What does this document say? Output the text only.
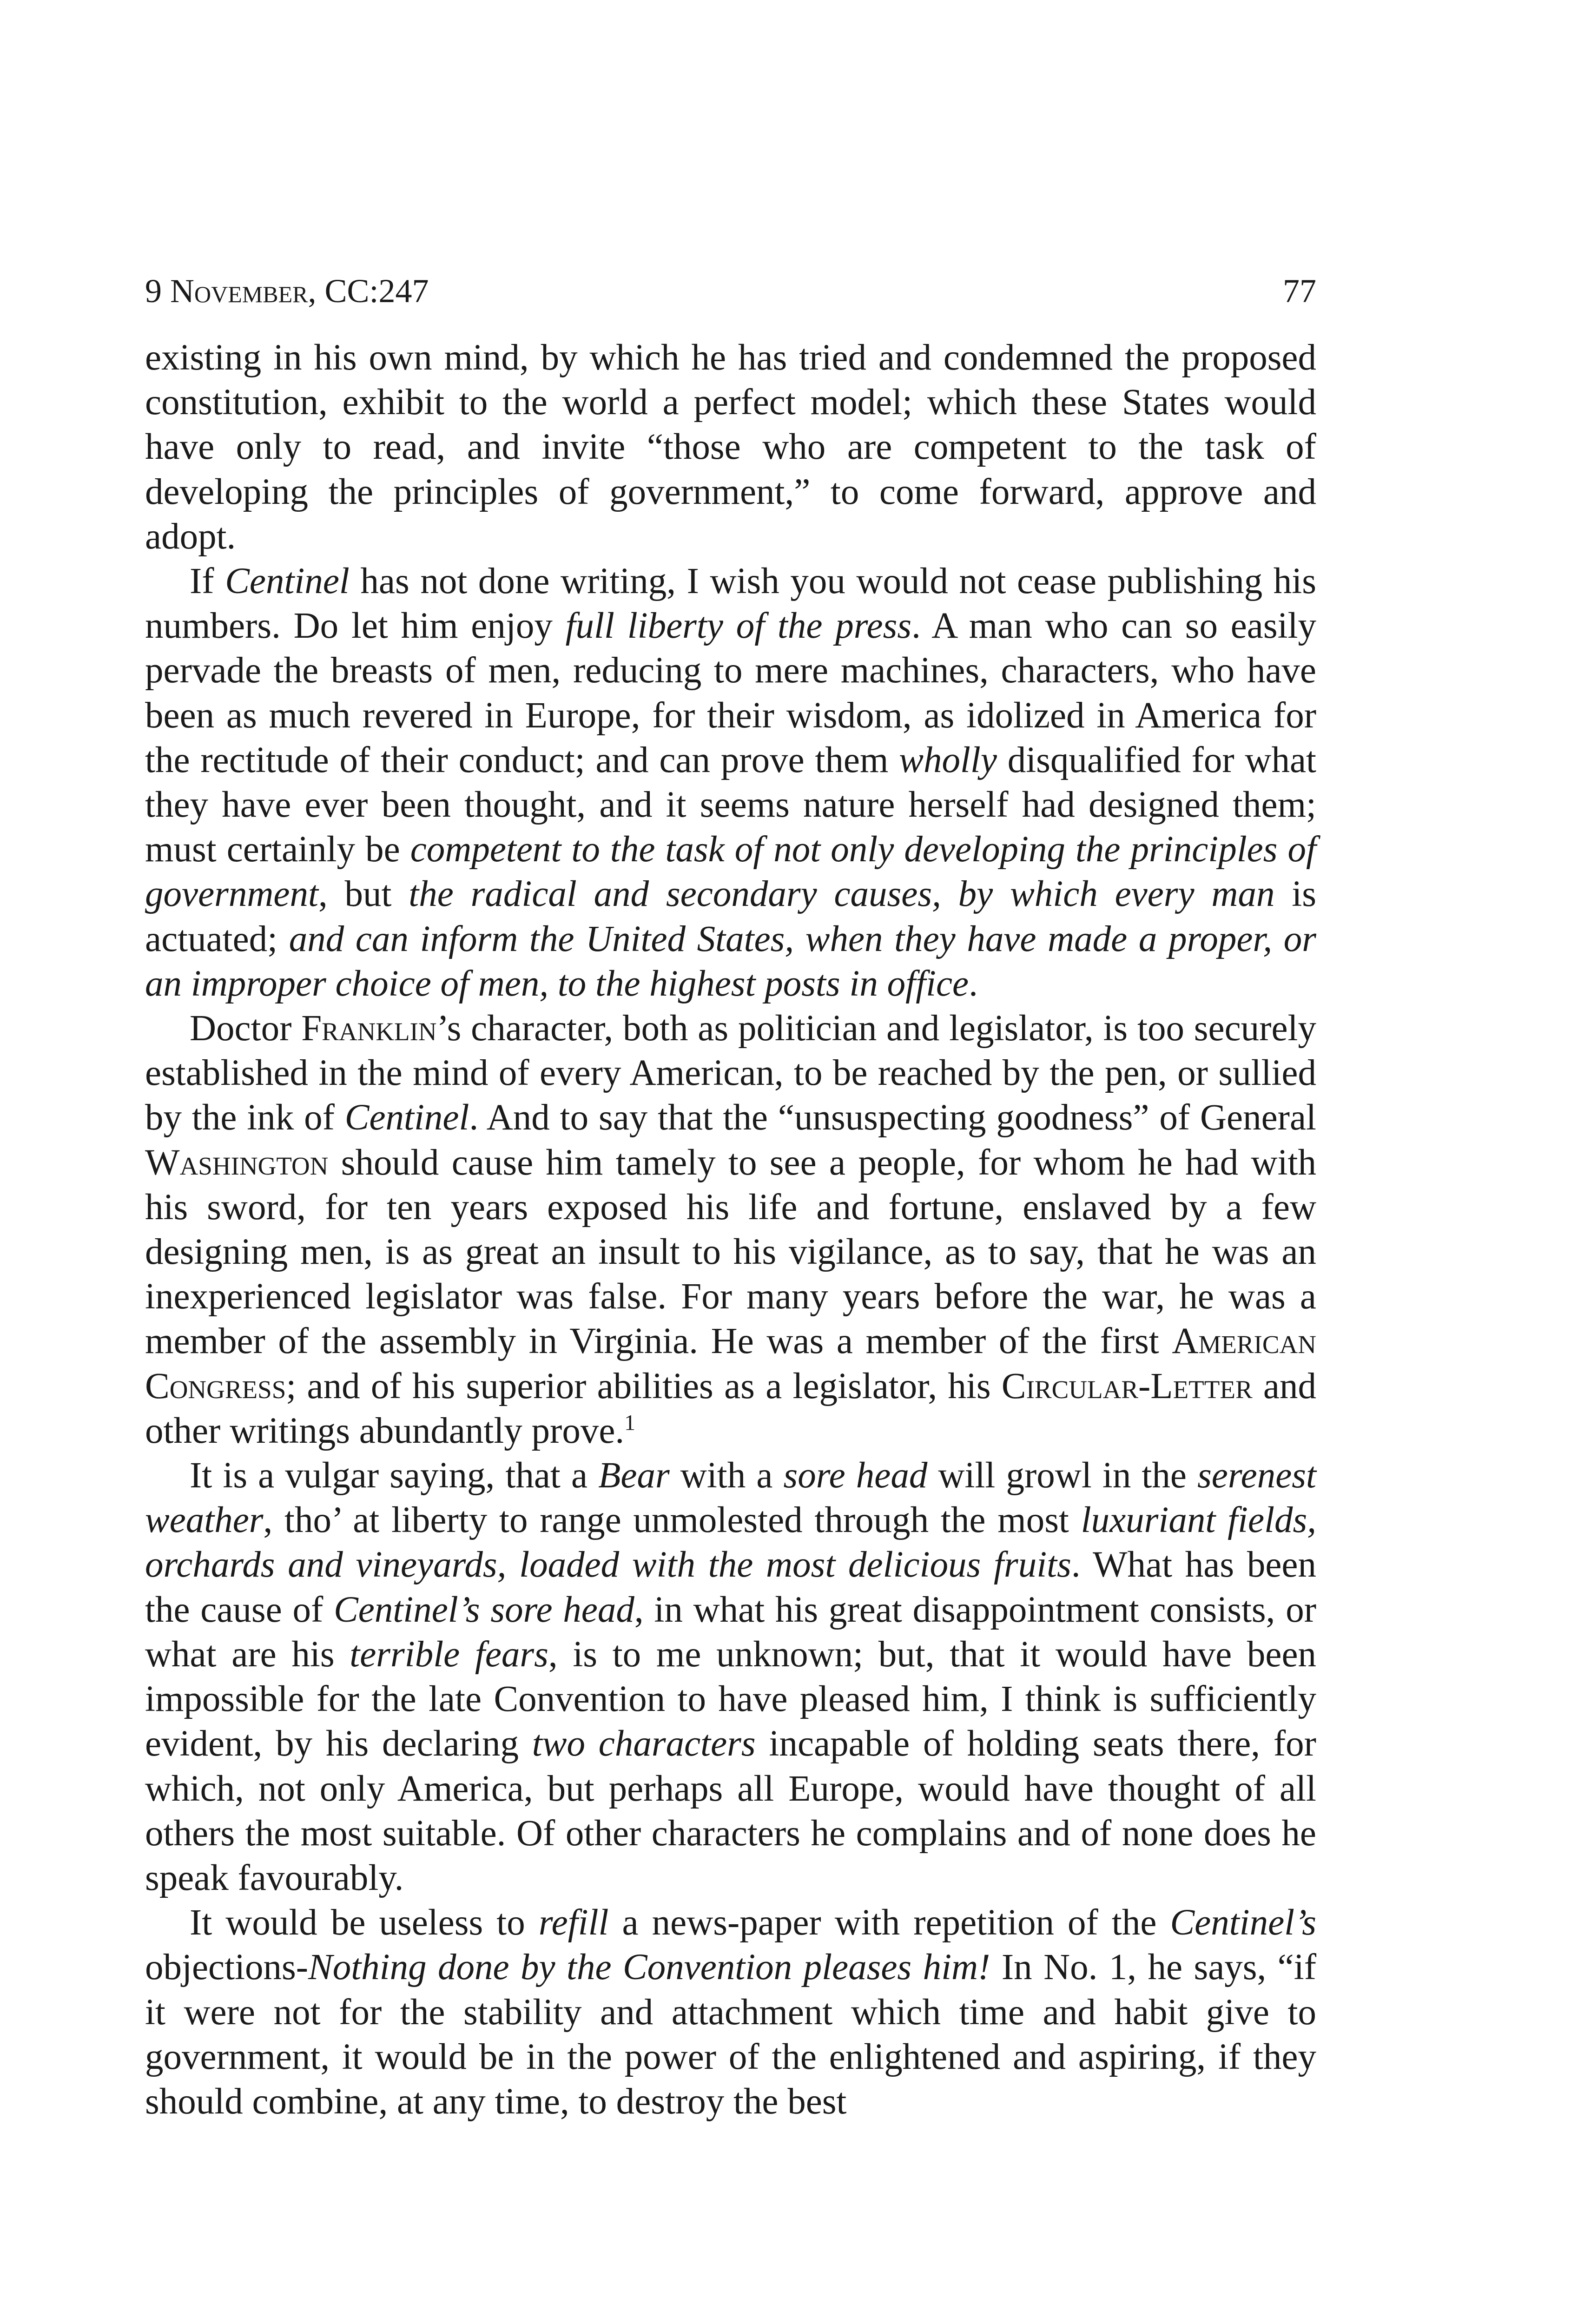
9 November, CC:247	77

existing in his own mind, by which he has tried and condemned the proposed constitution, exhibit to the world a perfect model; which these States would have only to read, and invite “those who are competent to the task of developing the principles of government,” to come forward, approve and adopt.

If Centinel has not done writing, I wish you would not cease publishing his numbers. Do let him enjoy full liberty of the press. A man who can so easily pervade the breasts of men, reducing to mere machines, characters, who have been as much revered in Europe, for their wisdom, as idolized in America for the rectitude of their conduct; and can prove them wholly disqualified for what they have ever been thought, and it seems nature herself had designed them; must certainly be competent to the task of not only developing the principles of government, but the radical and secondary causes, by which every man is actuated; and can inform the United States, when they have made a proper, or an improper choice of men, to the highest posts in office.

Doctor Franklin’s character, both as politician and legislator, is too securely established in the mind of every American, to be reached by the pen, or sullied by the ink of Centinel. And to say that the “unsuspecting goodness” of General Washington should cause him tamely to see a people, for whom he had with his sword, for ten years exposed his life and fortune, enslaved by a few designing men, is as great an insult to his vigilance, as to say, that he was an inexperienced legislator was false. For many years before the war, he was a member of the assembly in Virginia. He was a member of the first American Congress; and of his superior abilities as a legislator, his Circular-Letter and other writings abundantly prove.$^1$

It is a vulgar saying, that a Bear with a sore head will growl in the serenest weather, tho’ at liberty to range unmolested through the most luxuriant fields, orchards and vineyards, loaded with the most delicious fruits. What has been the cause of Centinel’s sore head, in what his great disappointment consists, or what are his terrible fears, is to me unknown; but, that it would have been impossible for the late Convention to have pleased him, I think is sufficiently evident, by his declaring two characters incapable of holding seats there, for which, not only America, but perhaps all Europe, would have thought of all others the most suitable. Of other characters he complains and of none does he speak favourably.

It would be useless to refill a news-paper with repetition of the Centinel’s objections-Nothing done by the Convention pleases him! In No. 1, he says, “if it were not for the stability and attachment which time and habit give to government, it would be in the power of the enlightened and aspiring, if they should combine, at any time, to destroy the best
